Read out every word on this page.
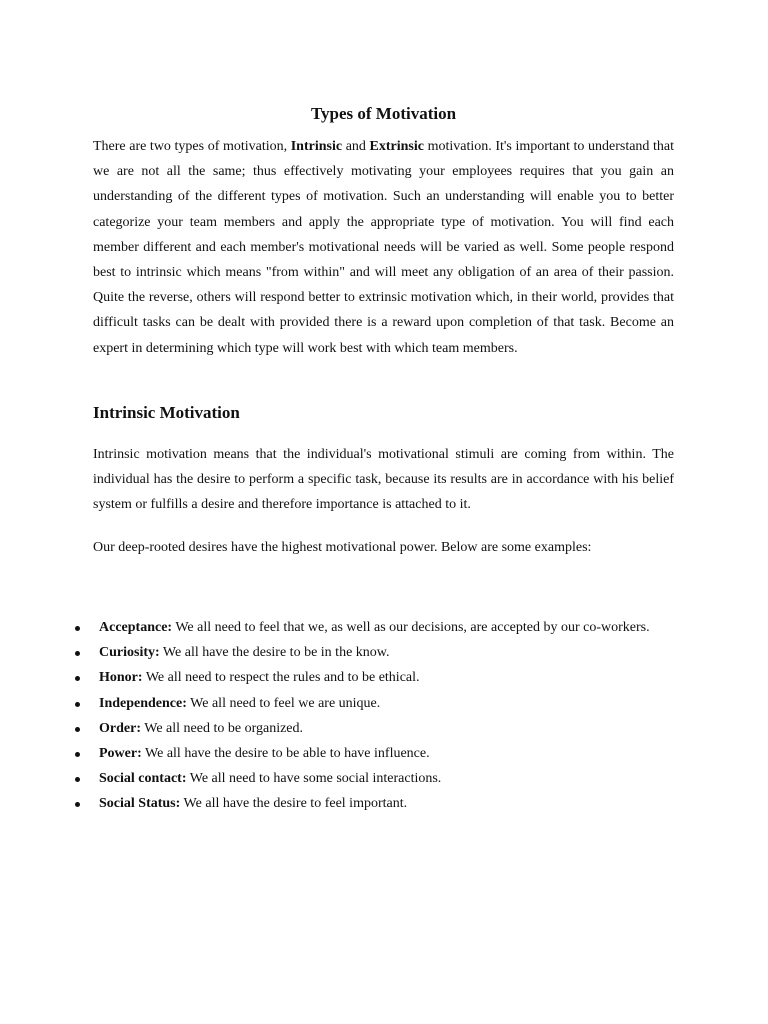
Types of Motivation

There are two types of motivation, Intrinsic and Extrinsic motivation. It's important to understand that we are not all the same; thus effectively motivating your employees requires that you gain an understanding of the different types of motivation. Such an understanding will enable you to better categorize your team members and apply the appropriate type of motivation. You will find each member different and each member's motivational needs will be varied as well. Some people respond best to intrinsic which means "from within" and will meet any obligation of an area of their passion. Quite the reverse, others will respond better to extrinsic motivation which, in their world, provides that difficult tasks can be dealt with provided there is a reward upon completion of that task. Become an expert in determining which type will work best with which team members.

Intrinsic Motivation

Intrinsic motivation means that the individual's motivational stimuli are coming from within. The individual has the desire to perform a specific task, because its results are in accordance with his belief system or fulfills a desire and therefore importance is attached to it.

Our deep-rooted desires have the highest motivational power. Below are some examples:

Acceptance: We all need to feel that we, as well as our decisions, are accepted by our co-workers.
Curiosity: We all have the desire to be in the know.
Honor: We all need to respect the rules and to be ethical.
Independence: We all need to feel we are unique.
Order: We all need to be organized.
Power: We all have the desire to be able to have influence.
Social contact: We all need to have some social interactions.
Social Status: We all have the desire to feel important.
